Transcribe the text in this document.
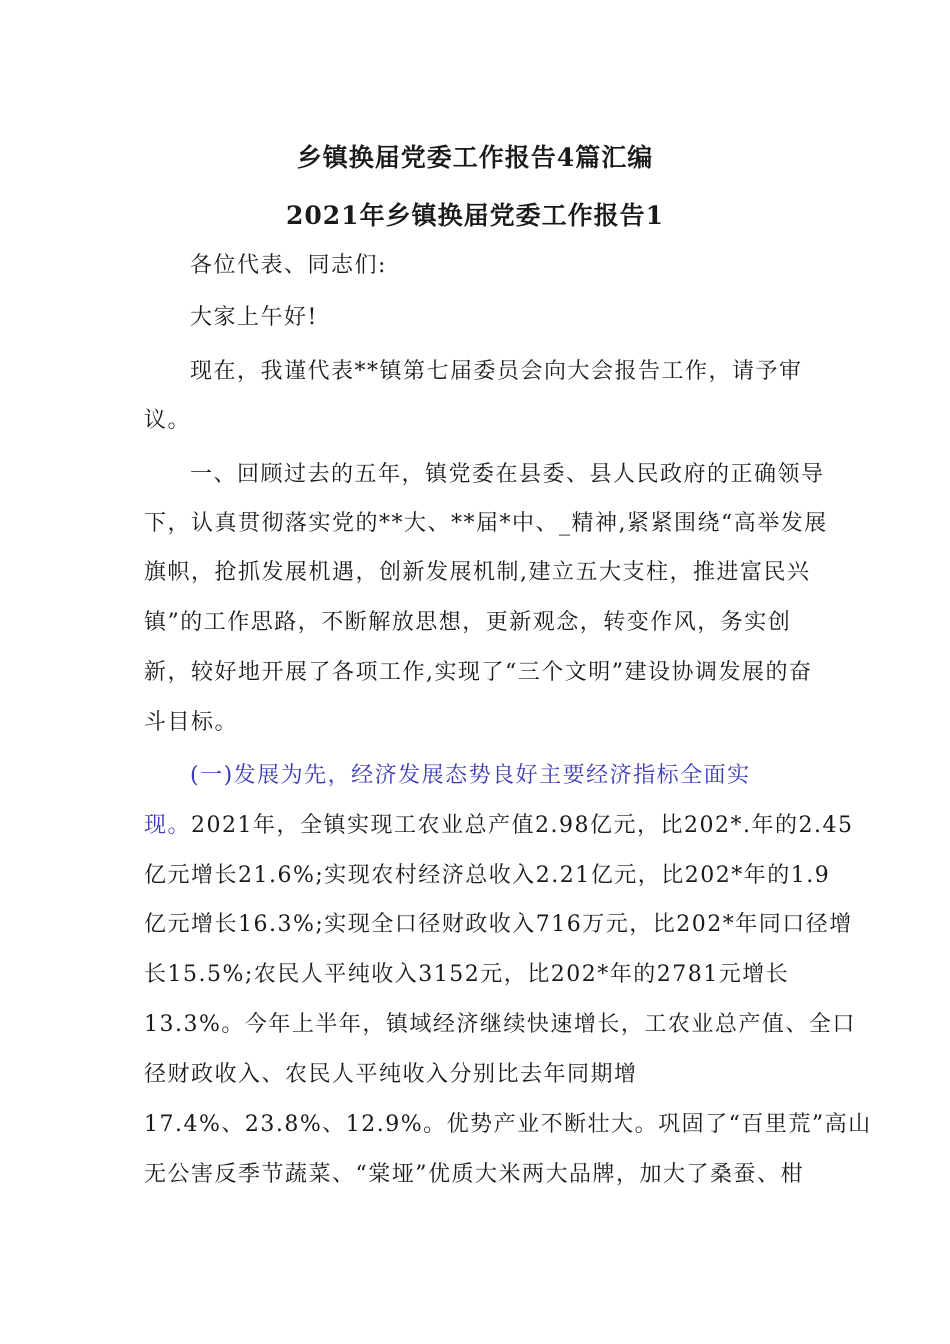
乡镇换届党委工作报告4篇汇编
2021年乡镇换届党委工作报告1
各位代表、同志们:
大家上午好!
现在，我谨代表**镇第七届委员会向大会报告工作，请予审
议。
一、回顾过去的五年，镇党委在县委、县人民政府的正确领导
下，认真贯彻落实党的**大、**届*中、_精神,紧紧围绕“高举发展
旗帜，抢抓发展机遇，创新发展机制,建立五大支柱，推进富民兴
镇”的工作思路，不断解放思想，更新观念，转变作风，务实创
新，较好地开展了各项工作,实现了“三个文明”建设协调发展的奋
斗目标。
(一)发展为先，经济发展态势良好主要经济指标全面实
现。2021年，全镇实现工农业总产值2.98亿元，比202*.年的2.45
亿元增长21.6%;实现农村经济总收入2.21亿元，比202*年的1.9
亿元增长16.3%;实现全口径财政收入716万元，比202*年同口径增
长15.5%;农民人平纯收入3152元，比202*年的2781元增长
13.3%。今年上半年，镇域经济继续快速增长，工农业总产值、全口
径财政收入、农民人平纯收入分别比去年同期增
17.4%、23.8%、12.9%。优势产业不断壮大。巩固了“百里荒”高山
无公害反季节蔬菜、“棠垭”优质大米两大品牌，加大了桑蚕、柑
